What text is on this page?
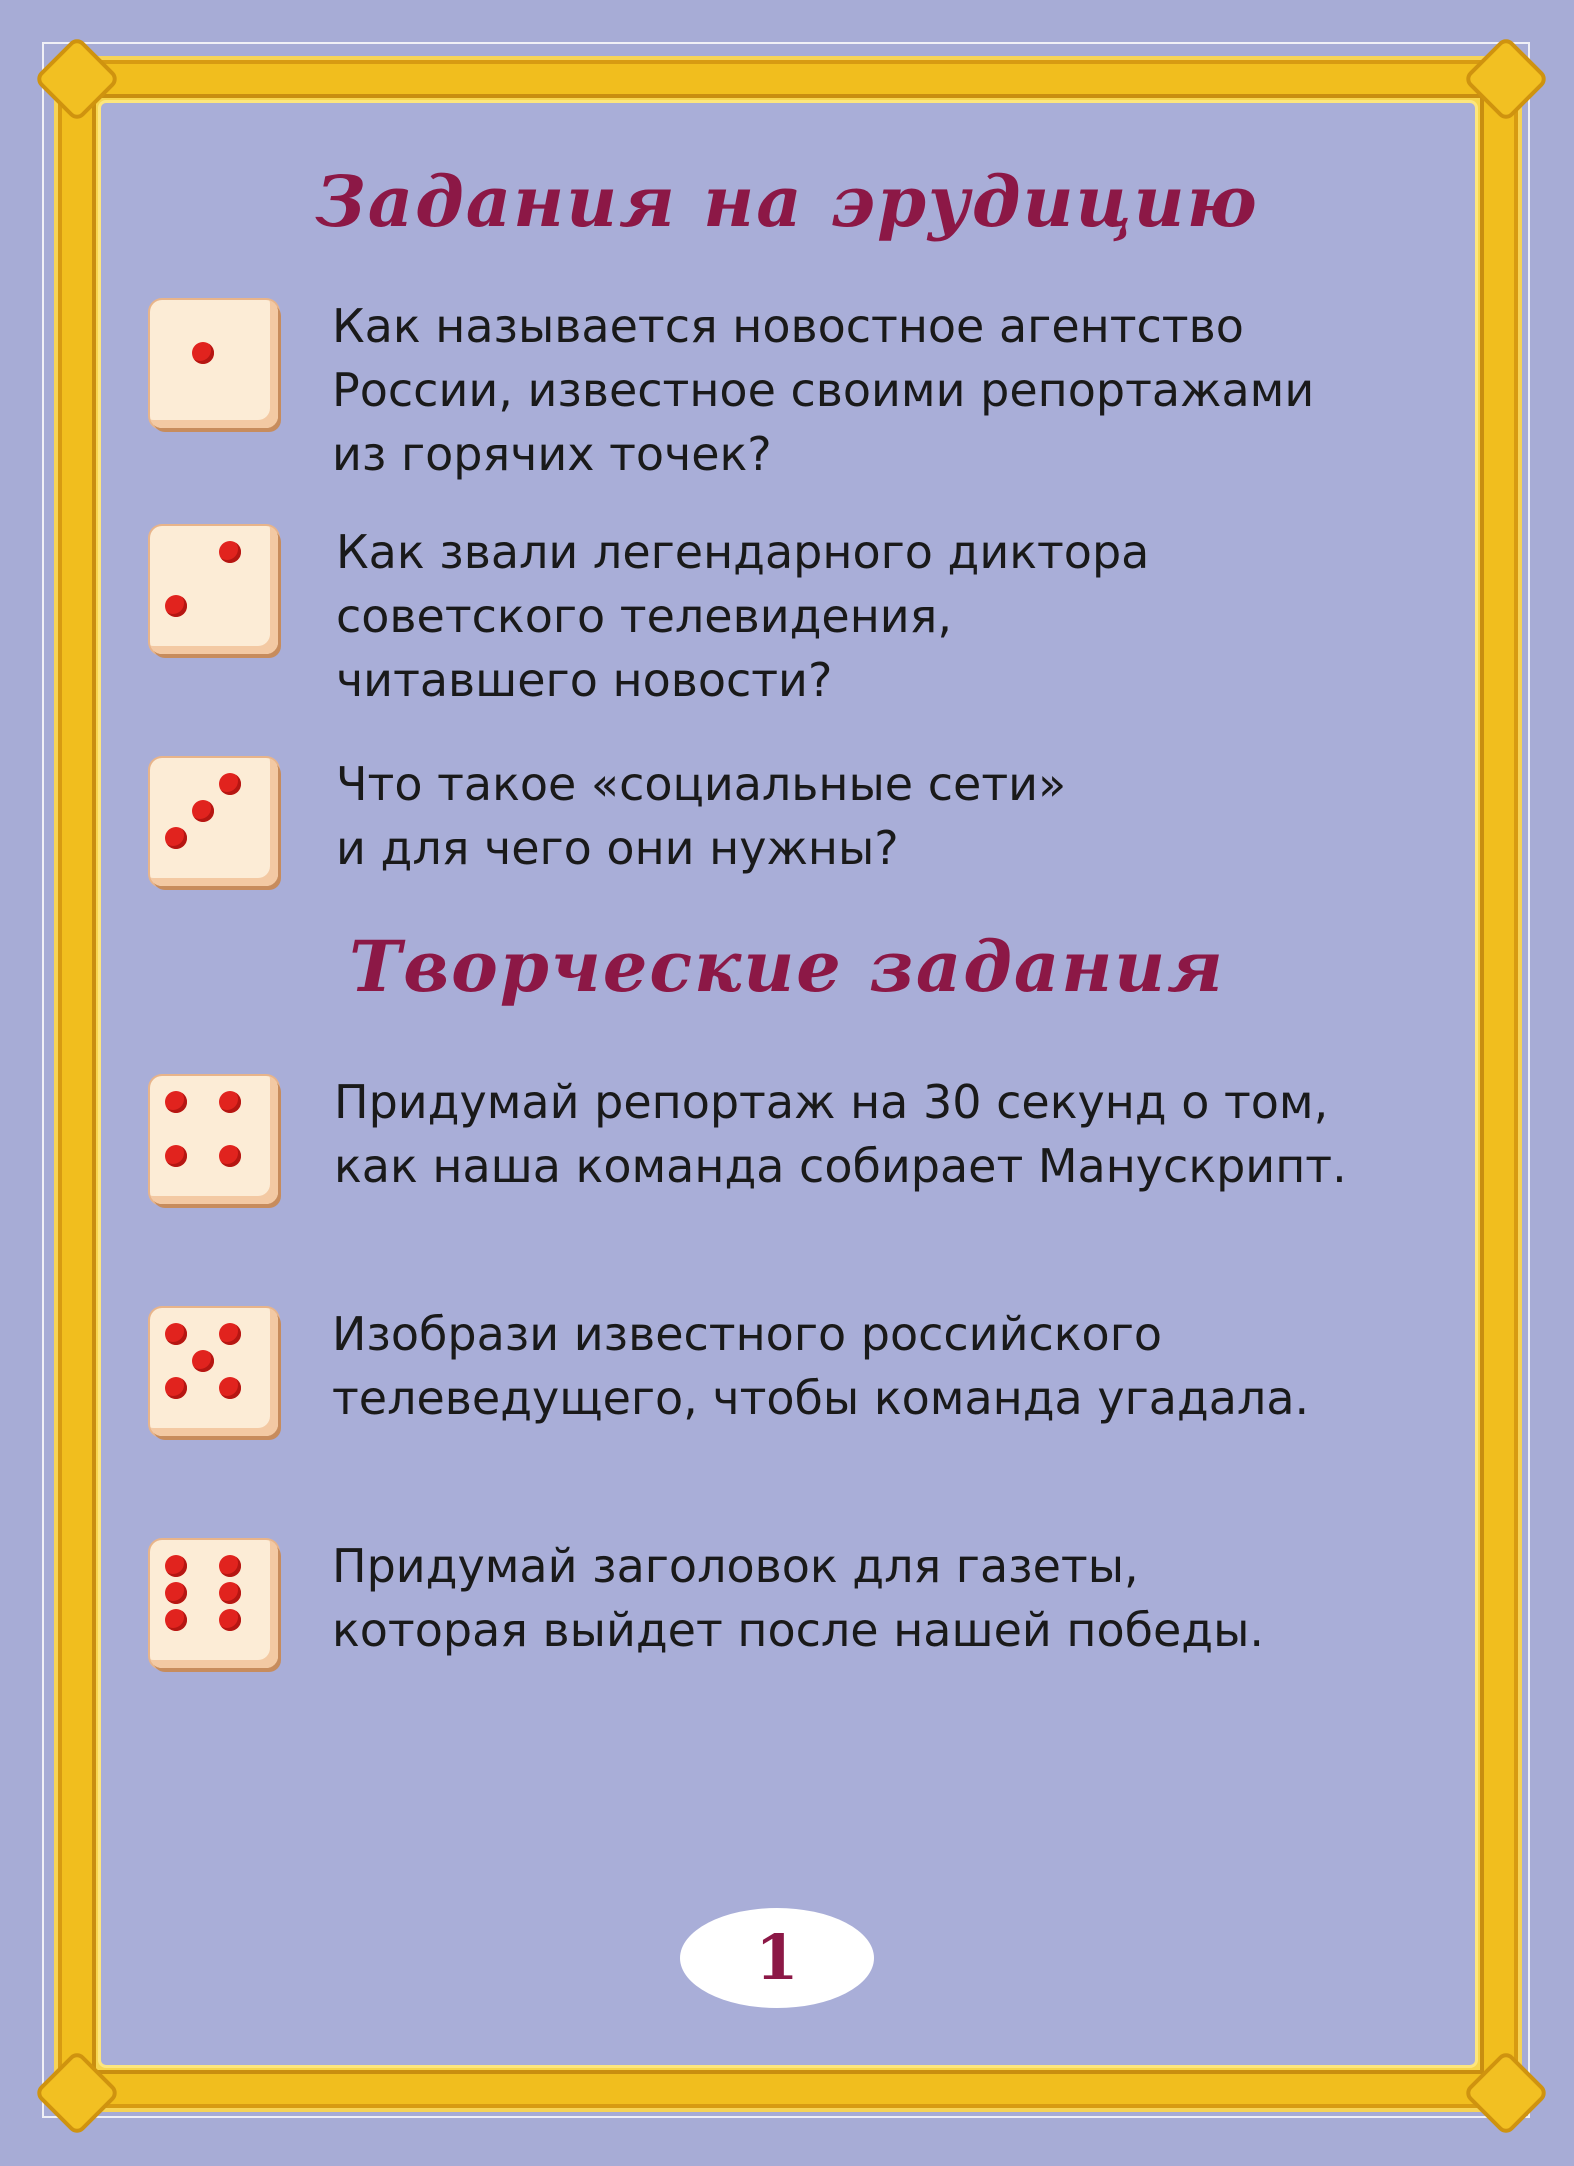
Задания на эрудицию
Как называется новостное агентство
России, известное своими репортажами
из горячих точек?
Как звали легендарного диктора
советского телевидения,
читавшего новости?
Что такое «социальные сети»
и для чего они нужны?
Творческие задания
Придумай репортаж на 30 секунд о том,
как наша команда собирает Манускрипт.
Изобрази известного российского
телеведущего, чтобы команда угадала.
Придумай заголовок для газеты,
которая выйдет после нашей победы.
1
